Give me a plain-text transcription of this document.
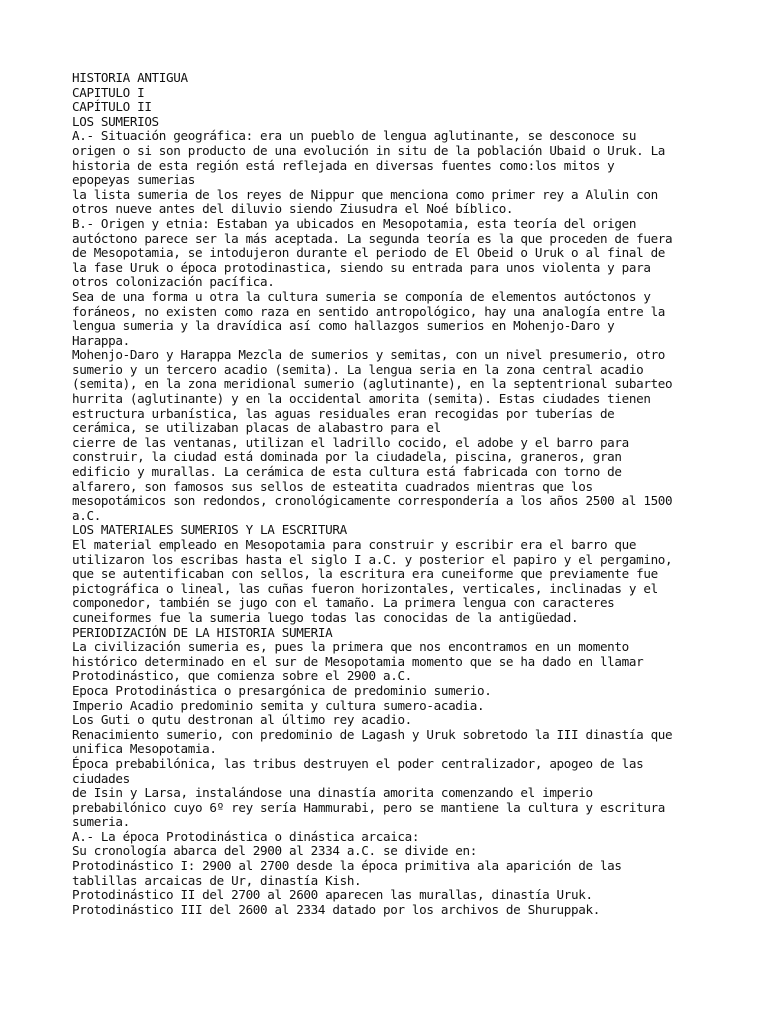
HISTORIA ANTIGUA
CAPITULO I
CAPÍTULO II
LOS SUMERIOS
A.- Situación geográfica: era un pueblo de lengua aglutinante, se desconoce su
origen o si son producto de una evolución in situ de la población Ubaid o Uruk. La
historia de esta región está reflejada en diversas fuentes como:los mitos y
epopeyas sumerias
la lista sumeria de los reyes de Nippur que menciona como primer rey a Alulin con
otros nueve antes del diluvio siendo Ziusudra el Noé bíblico.
B.- Origen y etnia: Estaban ya ubicados en Mesopotamia, esta teoría del origen
autóctono parece ser la más aceptada. La segunda teoría es la que proceden de fuera
de Mesopotamia, se intodujeron durante el periodo de El Obeid o Uruk o al final de
la fase Uruk o época protodinastica, siendo su entrada para unos violenta y para
otros colonización pacífica.
Sea de una forma u otra la cultura sumeria se componía de elementos autóctonos y
foráneos, no existen como raza en sentido antropológico, hay una analogía entre la
lengua sumeria y la dravídica así como hallazgos sumerios en Mohenjo-Daro y
Harappa.
Mohenjo-Daro y Harappa Mezcla de sumerios y semitas, con un nivel presumerio, otro
sumerio y un tercero acadio (semita). La lengua seria en la zona central acadio
(semita), en la zona meridional sumerio (aglutinante), en la septentrional subarteo
hurrita (aglutinante) y en la occidental amorita (semita). Estas ciudades tienen
estructura urbanística, las aguas residuales eran recogidas por tuberías de
cerámica, se utilizaban placas de alabastro para el
cierre de las ventanas, utilizan el ladrillo cocido, el adobe y el barro para
construir, la ciudad está dominada por la ciudadela, piscina, graneros, gran
edificio y murallas. La cerámica de esta cultura está fabricada con torno de
alfarero, son famosos sus sellos de esteatita cuadrados mientras que los
mesopotámicos son redondos, cronológicamente correspondería a los años 2500 al 1500
a.C.
LOS MATERIALES SUMERIOS Y LA ESCRITURA
El material empleado en Mesopotamia para construir y escribir era el barro que
utilizaron los escribas hasta el siglo I a.C. y posterior el papiro y el pergamino,
que se autentificaban con sellos, la escritura era cuneiforme que previamente fue
pictográfica o lineal, las cuñas fueron horizontales, verticales, inclinadas y el
componedor, también se jugo con el tamaño. La primera lengua con caracteres
cuneiformes fue la sumeria luego todas las conocidas de la antigüedad.
PERIODIZACIÓN DE LA HISTORIA SUMERIA
La civilización sumeria es, pues la primera que nos encontramos en un momento
histórico determinado en el sur de Mesopotamia momento que se ha dado en llamar
Protodinástico, que comienza sobre el 2900 a.C.
Epoca Protodinástica o presargónica de predominio sumerio.
Imperio Acadio predominio semita y cultura sumero-acadia.
Los Guti o qutu destronan al último rey acadio.
Renacimiento sumerio, con predominio de Lagash y Uruk sobretodo la III dinastía que
unifica Mesopotamia.
Época prebabilónica, las tribus destruyen el poder centralizador, apogeo de las
ciudades
de Isin y Larsa, instalándose una dinastía amorita comenzando el imperio
prebabilónico cuyo 6º rey sería Hammurabi, pero se mantiene la cultura y escritura
sumeria.
A.- La época Protodinástica o dinástica arcaica:
Su cronología abarca del 2900 al 2334 a.C. se divide en:
Protodinástico I: 2900 al 2700 desde la época primitiva ala aparición de las
tablillas arcaicas de Ur, dinastía Kish.
Protodinástico II del 2700 al 2600 aparecen las murallas, dinastía Uruk.
Protodinástico III del 2600 al 2334 datado por los archivos de Shuruppak.
